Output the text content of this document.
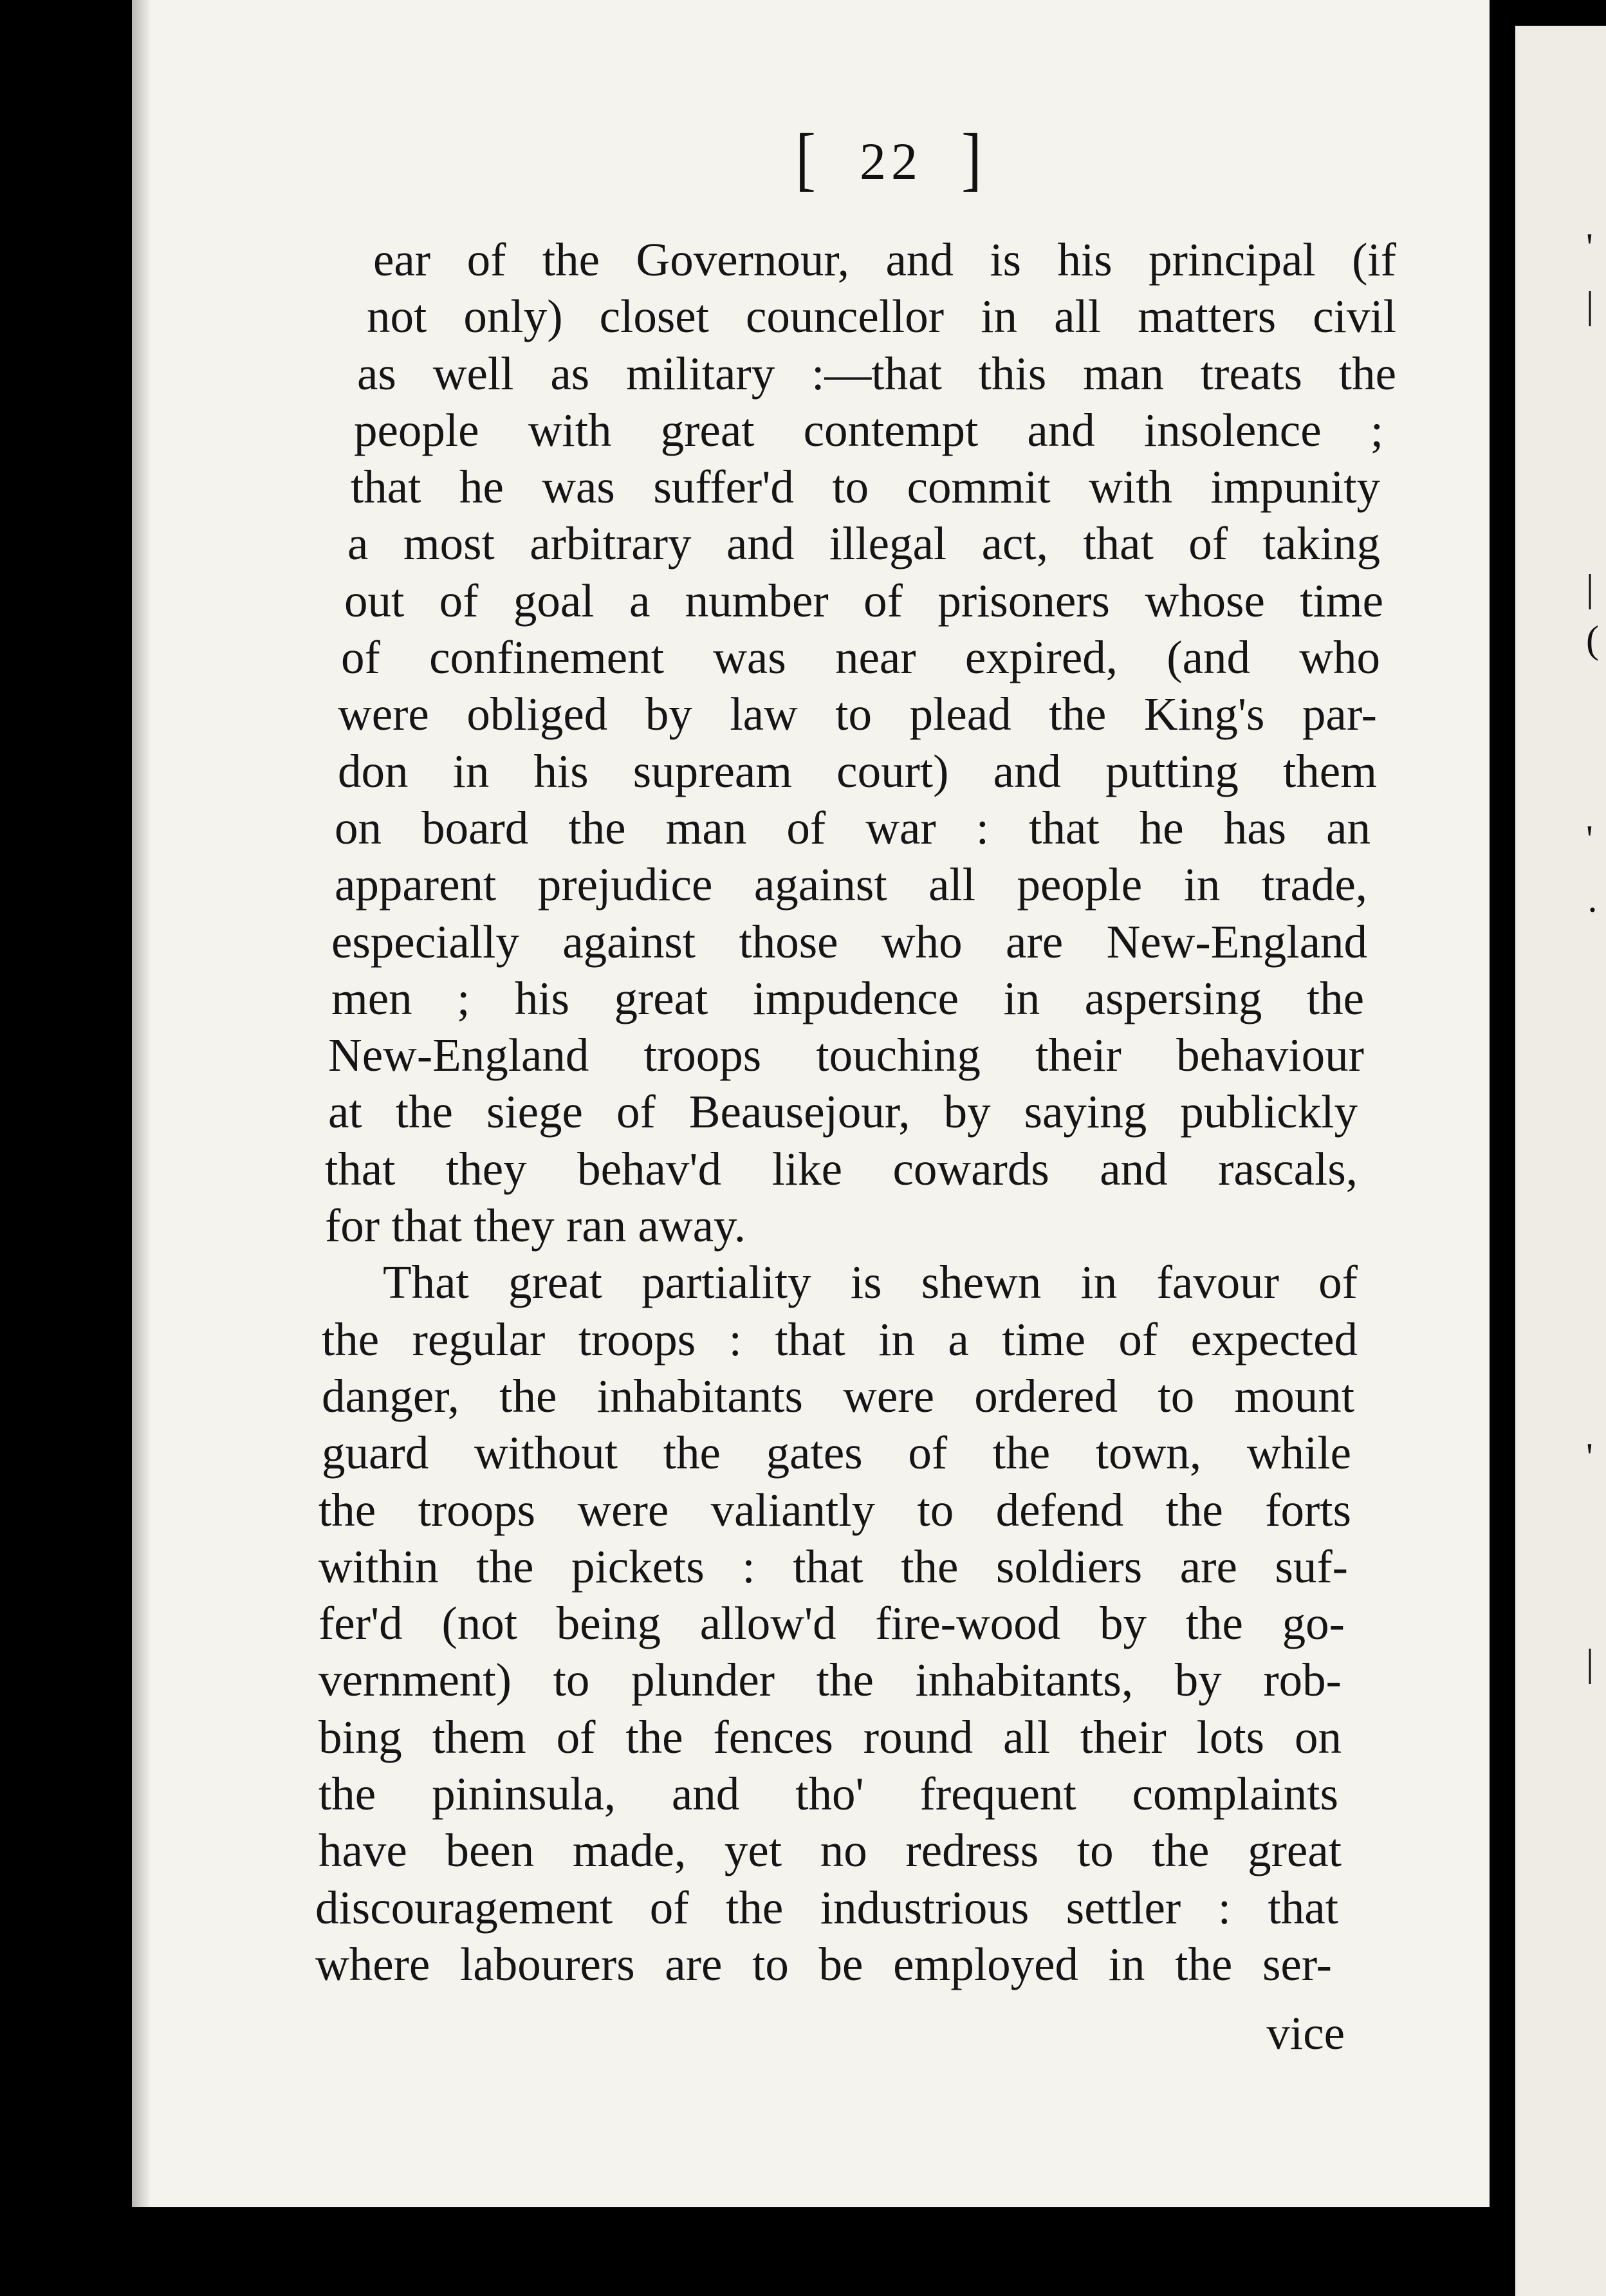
'
|
|
(
'
·
'
|
[ 22 ]
ear of the Governour, and is his principal (if
not only) closet councellor in all matters civil
as well as military :—that this man treats the
people with great contempt and insolence ;
that he was suffer'd to commit with impunity
a most arbitrary and illegal act, that of taking
out of goal a number of prisoners whose time
of confinement was near expired, (and who
were obliged by law to plead the King's par-
don in his supream court) and putting them
on board the man of war : that he has an
apparent prejudice against all people in trade,
especially against those who are New-England
men ; his great impudence in aspersing the
New-England troops touching their behaviour
at the siege of Beausejour, by saying publickly
that they behav'd like cowards and rascals,
for that they ran away.
That great partiality is shewn in favour of
the regular troops : that in a time of expected
danger, the inhabitants were ordered to mount
guard without the gates of the town, while
the troops were valiantly to defend the forts
within the pickets : that the soldiers are suf-
fer'd (not being allow'd fire-wood by the go-
vernment) to plunder the inhabitants, by rob-
bing them of the fences round all their lots on
the pininsula, and tho' frequent complaints
have been made, yet no redress to the great
discouragement of the industrious settler : that
where labourers are to be employed in the ser-
vice
